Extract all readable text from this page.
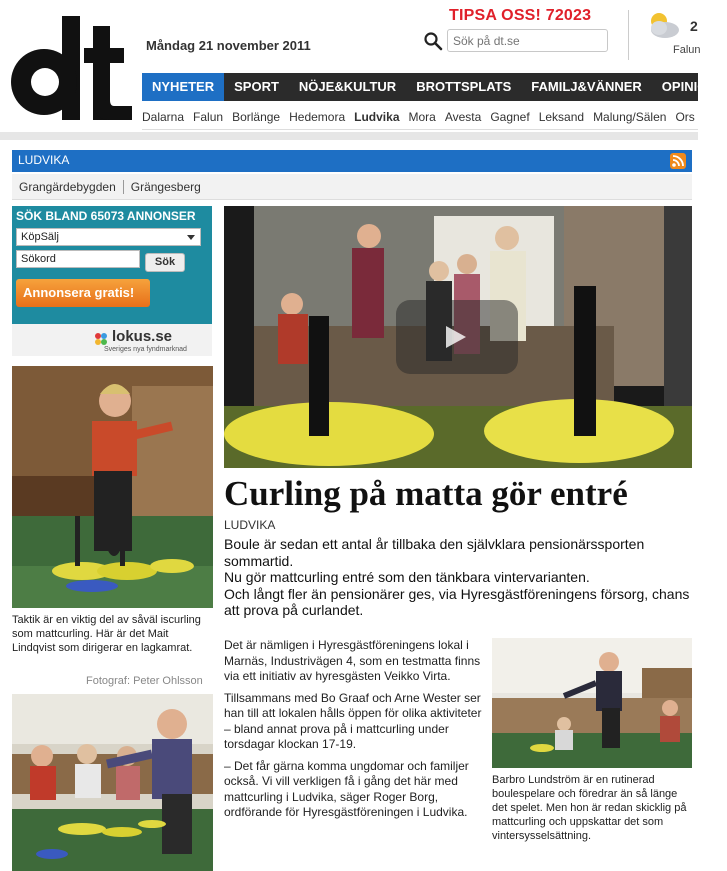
Måndag 21 november 2011
TIPSA OSS! 72023
Sök på dt.se
2
Falun
NYHETER	SPORT	NÖJE&KULTUR	BROTTSPLATS	FAMILJ&VÄNNER	OPINION
Dalarna Falun Borlänge Hedemora Ludvika Mora Avesta Gagnef Leksand Malung/Sälen Ors
LUDVIKA
Grangärdebygden Grängesberg
SÖK BLAND 65073 ANNONSER
KöpSälj
Sökord
Sök
Annonsera gratis!
lokus.se
Sveriges nya fyndmarknad
Taktik är en viktig del av såväl iscurling som mattcurling. Här är det Mait Lindqvist som dirigerar en lagkamrat.
Fotograf: Peter Ohlsson
Curling på matta gör entré
LUDVIKA

Boule är sedan ett antal år tillbaka den självklara pensionärssporten sommartid.

Nu gör mattcurling entré som den tänkbara vintervarianten.

Och långt fler än pensionärer ges, via Hyresgästföreningens försorg, chans att prova på curlandet.

Det är nämligen i Hyresgästföreningens lokal i Marnäs, Industrivägen 4, som en testmatta finns via ett initiativ av hyresgästen Veikko Virta.

Tillsammans med Bo Graaf och Arne Wester ser han till att lokalen hålls öppen för olika aktiviteter – bland annat prova på i mattcurling under torsdagar klockan 17-19.

– Det får gärna komma ungdomar och familjer också. Vi vill verkligen få i gång det här med mattcurling i Ludvika, säger Roger Borg, ordförande för Hyresgästföreningen i Ludvika.

Barbro Lundström är en rutinerad boulespelare och föredrar än så länge det spelet. Men hon är redan skicklig på mattcurling och uppskattar det som vintersysselsättning.
